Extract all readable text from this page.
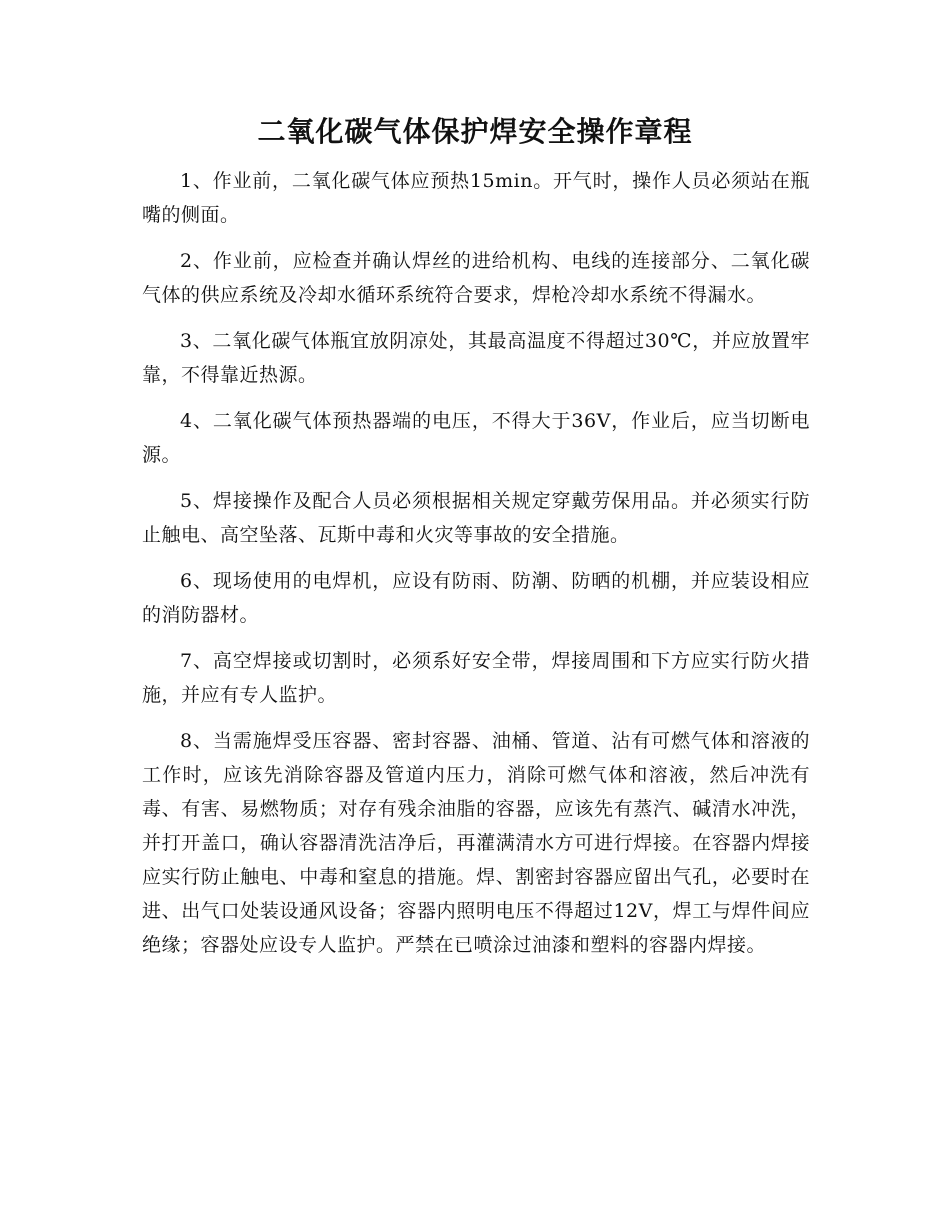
二氧化碳气体保护焊安全操作章程

1、作业前，二氧化碳气体应预热15min。开气时，操作人员必须站在瓶嘴的侧面。

2、作业前，应检查并确认焊丝的进给机构、电线的连接部分、二氧化碳气体的供应系统及冷却水循环系统符合要求，焊枪冷却水系统不得漏水。

3、二氧化碳气体瓶宜放阴凉处，其最高温度不得超过30℃，并应放置牢靠，不得靠近热源。

4、二氧化碳气体预热器端的电压，不得大于36V，作业后，应当切断电源。

5、焊接操作及配合人员必须根据相关规定穿戴劳保用品。并必须实行防止触电、高空坠落、瓦斯中毒和火灾等事故的安全措施。

6、现场使用的电焊机，应设有防雨、防潮、防晒的机棚，并应装设相应的消防器材。

7、高空焊接或切割时，必须系好安全带，焊接周围和下方应实行防火措施，并应有专人监护。

8、当需施焊受压容器、密封容器、油桶、管道、沾有可燃气体和溶液的工作时，应该先消除容器及管道内压力，消除可燃气体和溶液，然后冲洗有毒、有害、易燃物质；对存有残余油脂的容器，应该先有蒸汽、碱清水冲洗，并打开盖口，确认容器清洗洁净后，再灌满清水方可进行焊接。在容器内焊接应实行防止触电、中毒和窒息的措施。焊、割密封容器应留出气孔，必要时在进、出气口处装设通风设备；容器内照明电压不得超过12V，焊工与焊件间应绝缘；容器处应设专人监护。严禁在已喷涂过油漆和塑料的容器内焊接。
